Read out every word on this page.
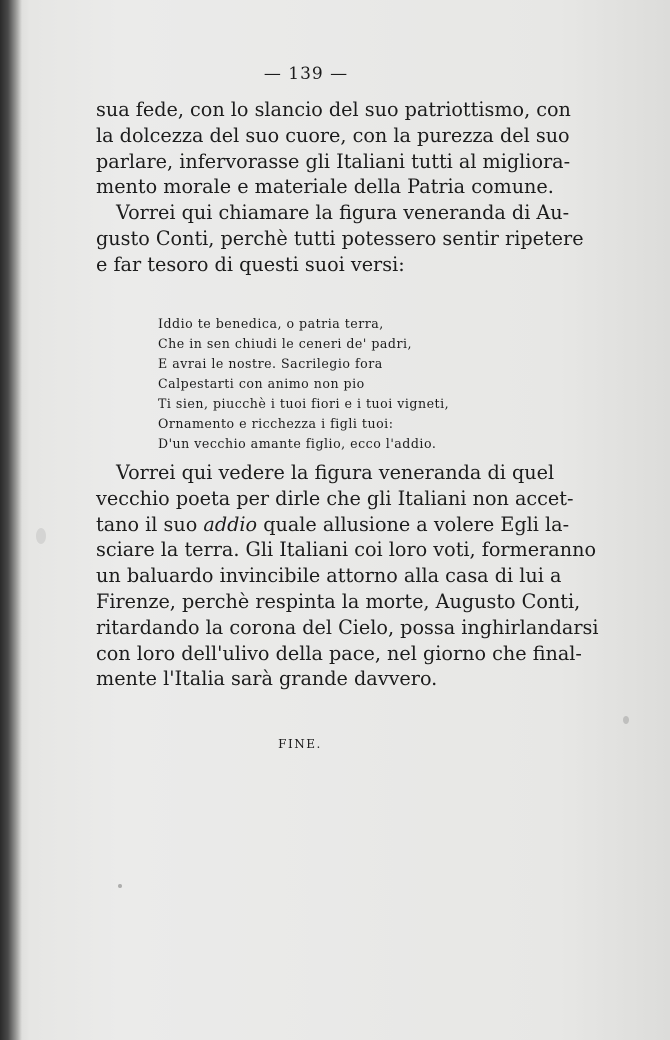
— 139 —
sua fede, con lo slancio del suo patriottismo, con
la dolcezza del suo cuore, con la purezza del suo
parlare, infervorasse gli Italiani tutti al migliora-
mento morale e materiale della Patria comune.
Vorrei qui chiamare la figura veneranda di Au-
gusto Conti, perchè tutti potessero sentir ripetere
e far tesoro di questi suoi versi:
Iddio te benedica, o patria terra,
Che in sen chiudi le ceneri de' padri,
E avrai le nostre. Sacrilegio fora
Calpestarti con animo non pio
Ti sien, piucchè i tuoi fiori e i tuoi vigneti,
Ornamento e ricchezza i figli tuoi:
D'un vecchio amante figlio, ecco l'addio.
Vorrei qui vedere la figura veneranda di quel
vecchio poeta per dirle che gli Italiani non accet-
tano il suo addio quale allusione a volere Egli la-
sciare la terra. Gli Italiani coi loro voti, formeranno
un baluardo invincibile attorno alla casa di lui a
Firenze, perchè respinta la morte, Augusto Conti,
ritardando la corona del Cielo, possa inghirlandarsi
con loro dell'ulivo della pace, nel giorno che final-
mente l'Italia sarà grande davvero.
FINE.
